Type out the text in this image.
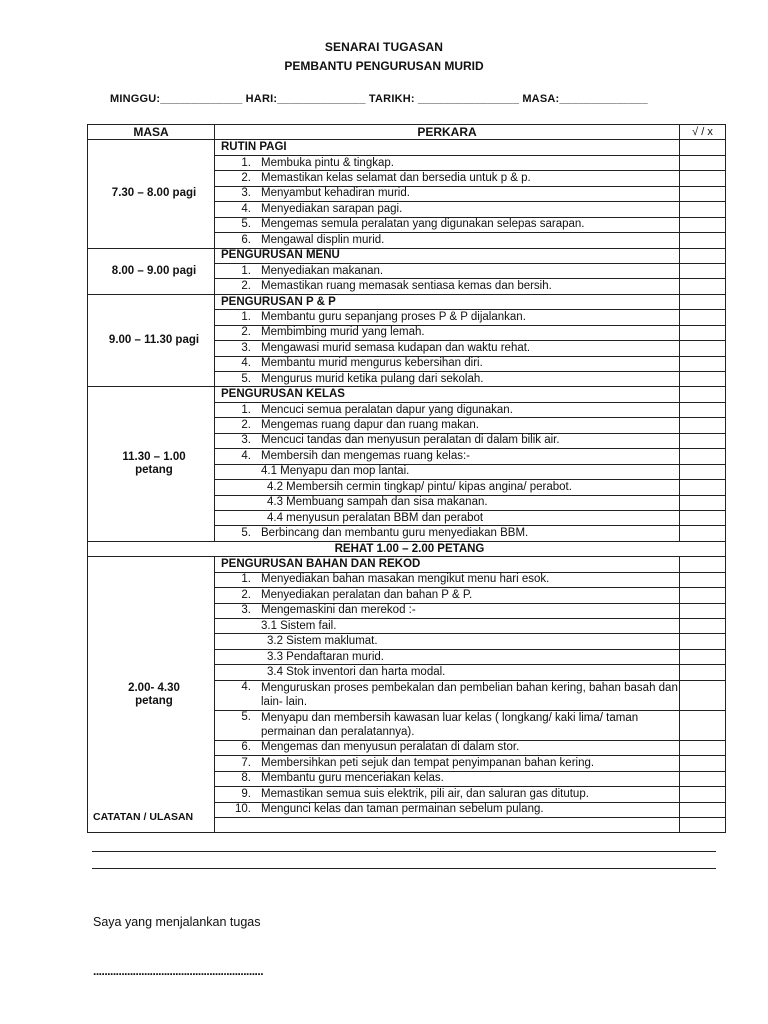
SENARAI TUGASAN
PEMBANTU PENGURUSAN MURID
MINGGU:_____________ HARI:______________ TARIKH: ________________ MASA:______________
MASA	PERKARA	√ / x
7.30 – 8.00 pagi	RUTIN PAGI	
	1. Membuka pintu & tingkap.	
	2. Memastikan kelas selamat dan bersedia untuk p & p.	
	3. Menyambut kehadiran murid.	
	4. Menyediakan sarapan pagi.	
	5. Mengemas semula peralatan yang digunakan selepas sarapan.	
	6. Mengawal displin murid.	
8.00 – 9.00 pagi	PENGURUSAN MENU	
	1. Menyediakan makanan.	
	2. Memastikan ruang memasak sentiasa kemas dan bersih.	
9.00 – 11.30 pagi	PENGURUSAN P & P	
	1. Membantu guru sepanjang proses P & P dijalankan.	
	2. Membimbing murid yang lemah.	
	3. Mengawasi murid semasa kudapan dan waktu rehat.	
	4. Membantu murid mengurus kebersihan diri.	
	5. Mengurus murid ketika pulang dari sekolah.	
11.30 – 1.00
petang	PENGURUSAN KELAS	
	1. Mencuci semua peralatan dapur yang digunakan.	
	2. Mengemas ruang dapur dan ruang makan.	
	3. Mencuci tandas dan menyusun peralatan di dalam bilik air.	
	4. Membersih dan mengemas ruang kelas:-	
	4.1 Menyapu dan mop lantai.	
	4.2 Membersih cermin tingkap/ pintu/ kipas angina/ perabot.	
	4.3 Membuang sampah dan sisa makanan.	
	4.4 menyusun peralatan BBM dan perabot	
	5. Berbincang dan membantu guru menyediakan BBM.	
REHAT 1.00 – 2.00 PETANG		
2.00- 4.30
petang	PENGURUSAN BAHAN DAN REKOD	
	1. Menyediakan bahan masakan mengikut menu hari esok.	
	2. Menyediakan peralatan dan bahan P & P.	
	3. Mengemaskini dan merekod :-	
	3.1 Sistem fail.	
	3.2 Sistem maklumat.	
	3.3 Pendaftaran murid.	
	3.4 Stok inventori dan harta modal.	

	4. Menguruskan proses pembekalan dan pembelian bahan kering, bahan basah dan lain- lain.	

	5. Menyapu dan membersih kawasan luar kelas ( longkang/ kaki lima/ taman permainan dan peralatannya).	

	6. Mengemas dan menyusun peralatan di dalam stor.	
	7. Membersihkan peti sejuk dan tempat penyimpanan bahan kering.	
	8. Membantu guru menceriakan kelas.	
	9. Memastikan semua suis elektrik, pili air, dan saluran gas ditutup.	
	10. Mengunci kelas dan taman permainan sebelum pulang.	

CATATAN / ULASAN
Saya yang menjalankan tugas
............................................................
